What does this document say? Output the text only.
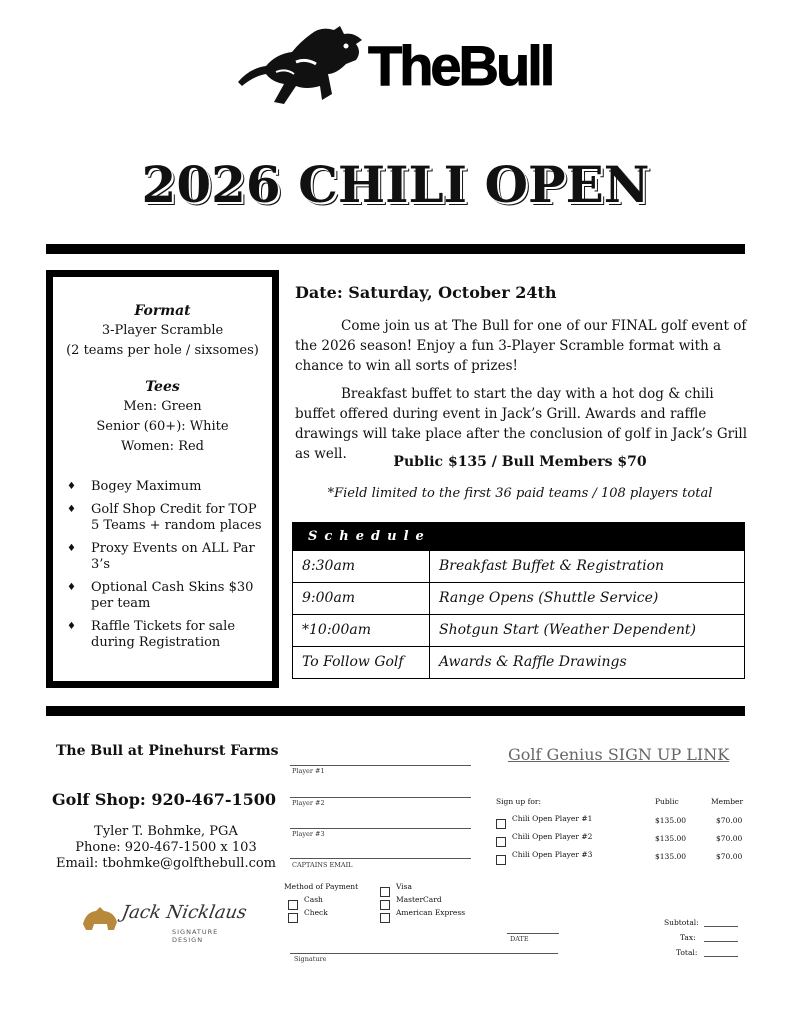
TheBull
2026 CHILI OPEN
Format
3-Player Scramble
(2 teams per hole / sixsomes)
Tees
Men: Green
Senior (60+): White
Women: Red
♦ Bogey Maximum
♦ Golf Shop Credit for TOP 5 Teams + random places
♦ Proxy Events on ALL Par 3’s
♦ Optional Cash Skins $30 per team
♦ Raffle Tickets for sale during Registration
Date: Saturday, October 24th
Come join us at The Bull for one of our FINAL golf event of the 2026 season! Enjoy a fun 3-Player Scramble format with a chance to win all sorts of prizes!
Breakfast buffet to start the day with a hot dog & chili buffet offered during event in Jack’s Grill. Awards and raffle drawings will take place after the conclusion of golf in Jack’s Grill as well.	Public $135 / Bull Members $70
*Field limited to the first 36 paid teams / 108 players total
Schedule
8:30am	Breakfast Buffet & Registration
9:00am	Range Opens (Shuttle Service)
*10:00am	Shotgun Start (Weather Dependent)
To Follow Golf	Awards & Raffle Drawings
The Bull at Pinehurst Farms
Golf Shop: 920-467-1500
Tyler T. Bohmke, PGA
Phone: 920-467-1500 x 103
Email: tbohmke@golfthebull.com
Jack Nicklaus
SIGNATURE DESIGN
Golf Genius SIGN UP LINK
Player #1
Player #2
Player #3
CAPTAINS EMAIL
Method of Payment
$^{Cash}$
$^{Check}$
$^{Visa}$
$^{MasterCard}$
$^{American Express}$
DATE
Signature
Sign up for:	Public	Member
$^{Chili Open Player \#1}$	$135.00	$70.00
$^{Chili Open Player \#2}$	$135.00	$70.00
$^{Chili Open Player \#3}$	$135.00	$70.00
Subtotal:
Tax:
Total:
